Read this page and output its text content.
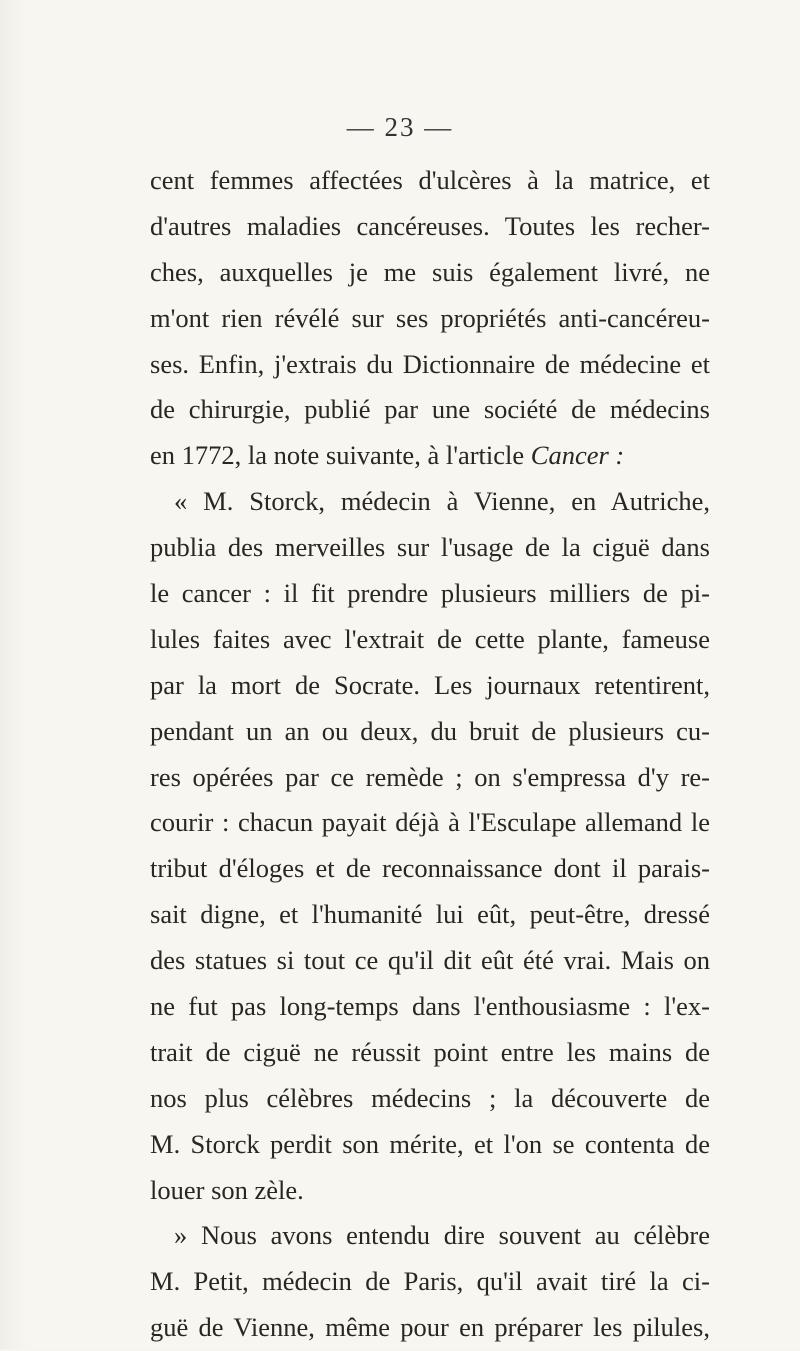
— 23 —
cent femmes affectées d'ulcères à la matrice, et
d'autres maladies cancéreuses. Toutes les recher-
ches, auxquelles je me suis également livré, ne
m'ont rien révélé sur ses propriétés anti-cancéreu-
ses. Enfin, j'extrais du Dictionnaire de médecine et
de chirurgie, publié par une société de médecins
en 1772, la note suivante, à l'article Cancer :
« M. Storck, médecin à Vienne, en Autriche,
publia des merveilles sur l'usage de la ciguë dans
le cancer : il fit prendre plusieurs milliers de pi-
lules faites avec l'extrait de cette plante, fameuse
par la mort de Socrate. Les journaux retentirent,
pendant un an ou deux, du bruit de plusieurs cu-
res opérées par ce remède ; on s'empressa d'y re-
courir : chacun payait déjà à l'Esculape allemand le
tribut d'éloges et de reconnaissance dont il parais-
sait digne, et l'humanité lui eût, peut-être, dressé
des statues si tout ce qu'il dit eût été vrai. Mais on
ne fut pas long-temps dans l'enthousiasme : l'ex-
trait de ciguë ne réussit point entre les mains de
nos plus célèbres médecins ; la découverte de
M. Storck perdit son mérite, et l'on se contenta de
louer son zèle.
» Nous avons entendu dire souvent au célèbre
M. Petit, médecin de Paris, qu'il avait tiré la ci-
guë de Vienne, même pour en préparer les pilules,
